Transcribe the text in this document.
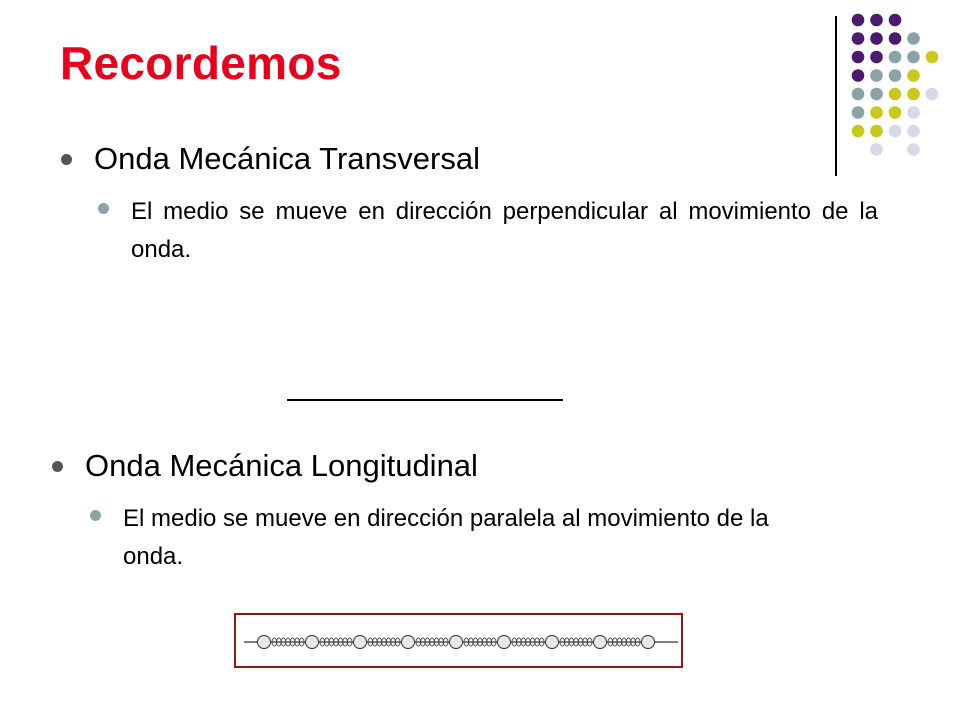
Recordemos
Onda Mecánica Transversal
El medio se mueve en dirección perpendicular al movimiento de la onda.
Onda Mecánica Longitudinal
El medio se mueve en dirección paralela al movimiento de la onda.
